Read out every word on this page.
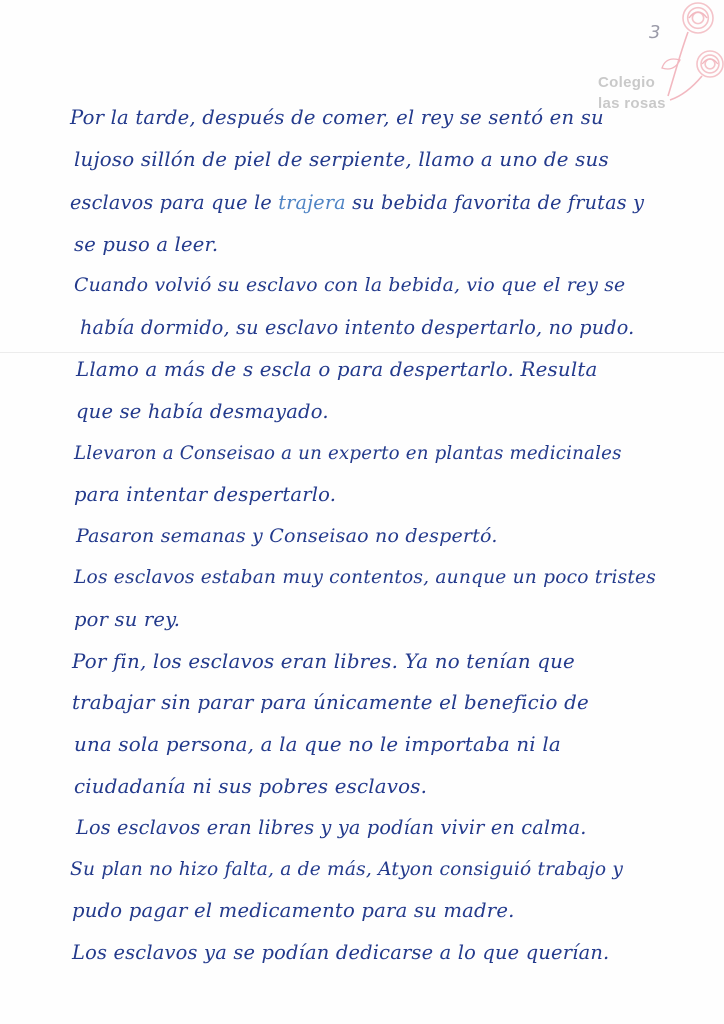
3
Colegio
las rosas
Por la tarde, después de comer, el rey se sentó en su
lujoso sillón de piel de serpiente, llamo a uno de sus
esclavos para que le trajera su bebida favorita de frutas y
se puso a leer.
Cuando volvió su esclavo con la bebida, vio que el rey se
había dormido, su esclavo intento despertarlo, no pudo.
Llamo a más de s escla o para despertarlo. Resulta
que se había desmayado.
Llevaron a Conseisao a un experto en plantas medicinales
para intentar despertarlo.
Pasaron semanas y Conseisao no despertó.
Los esclavos estaban muy contentos, aunque un poco tristes
por su rey.
Por fin, los esclavos eran libres. Ya no tenían que
trabajar sin parar para únicamente el beneficio de
una sola persona, a la que no le importaba ni la
ciudadanía ni sus pobres esclavos.
Los esclavos eran libres y ya podían vivir en calma.
Su plan no hizo falta, a de más, Atyon consiguió trabajo y
pudo pagar el medicamento para su madre.
Los esclavos ya se podían dedicarse a lo que querían.
